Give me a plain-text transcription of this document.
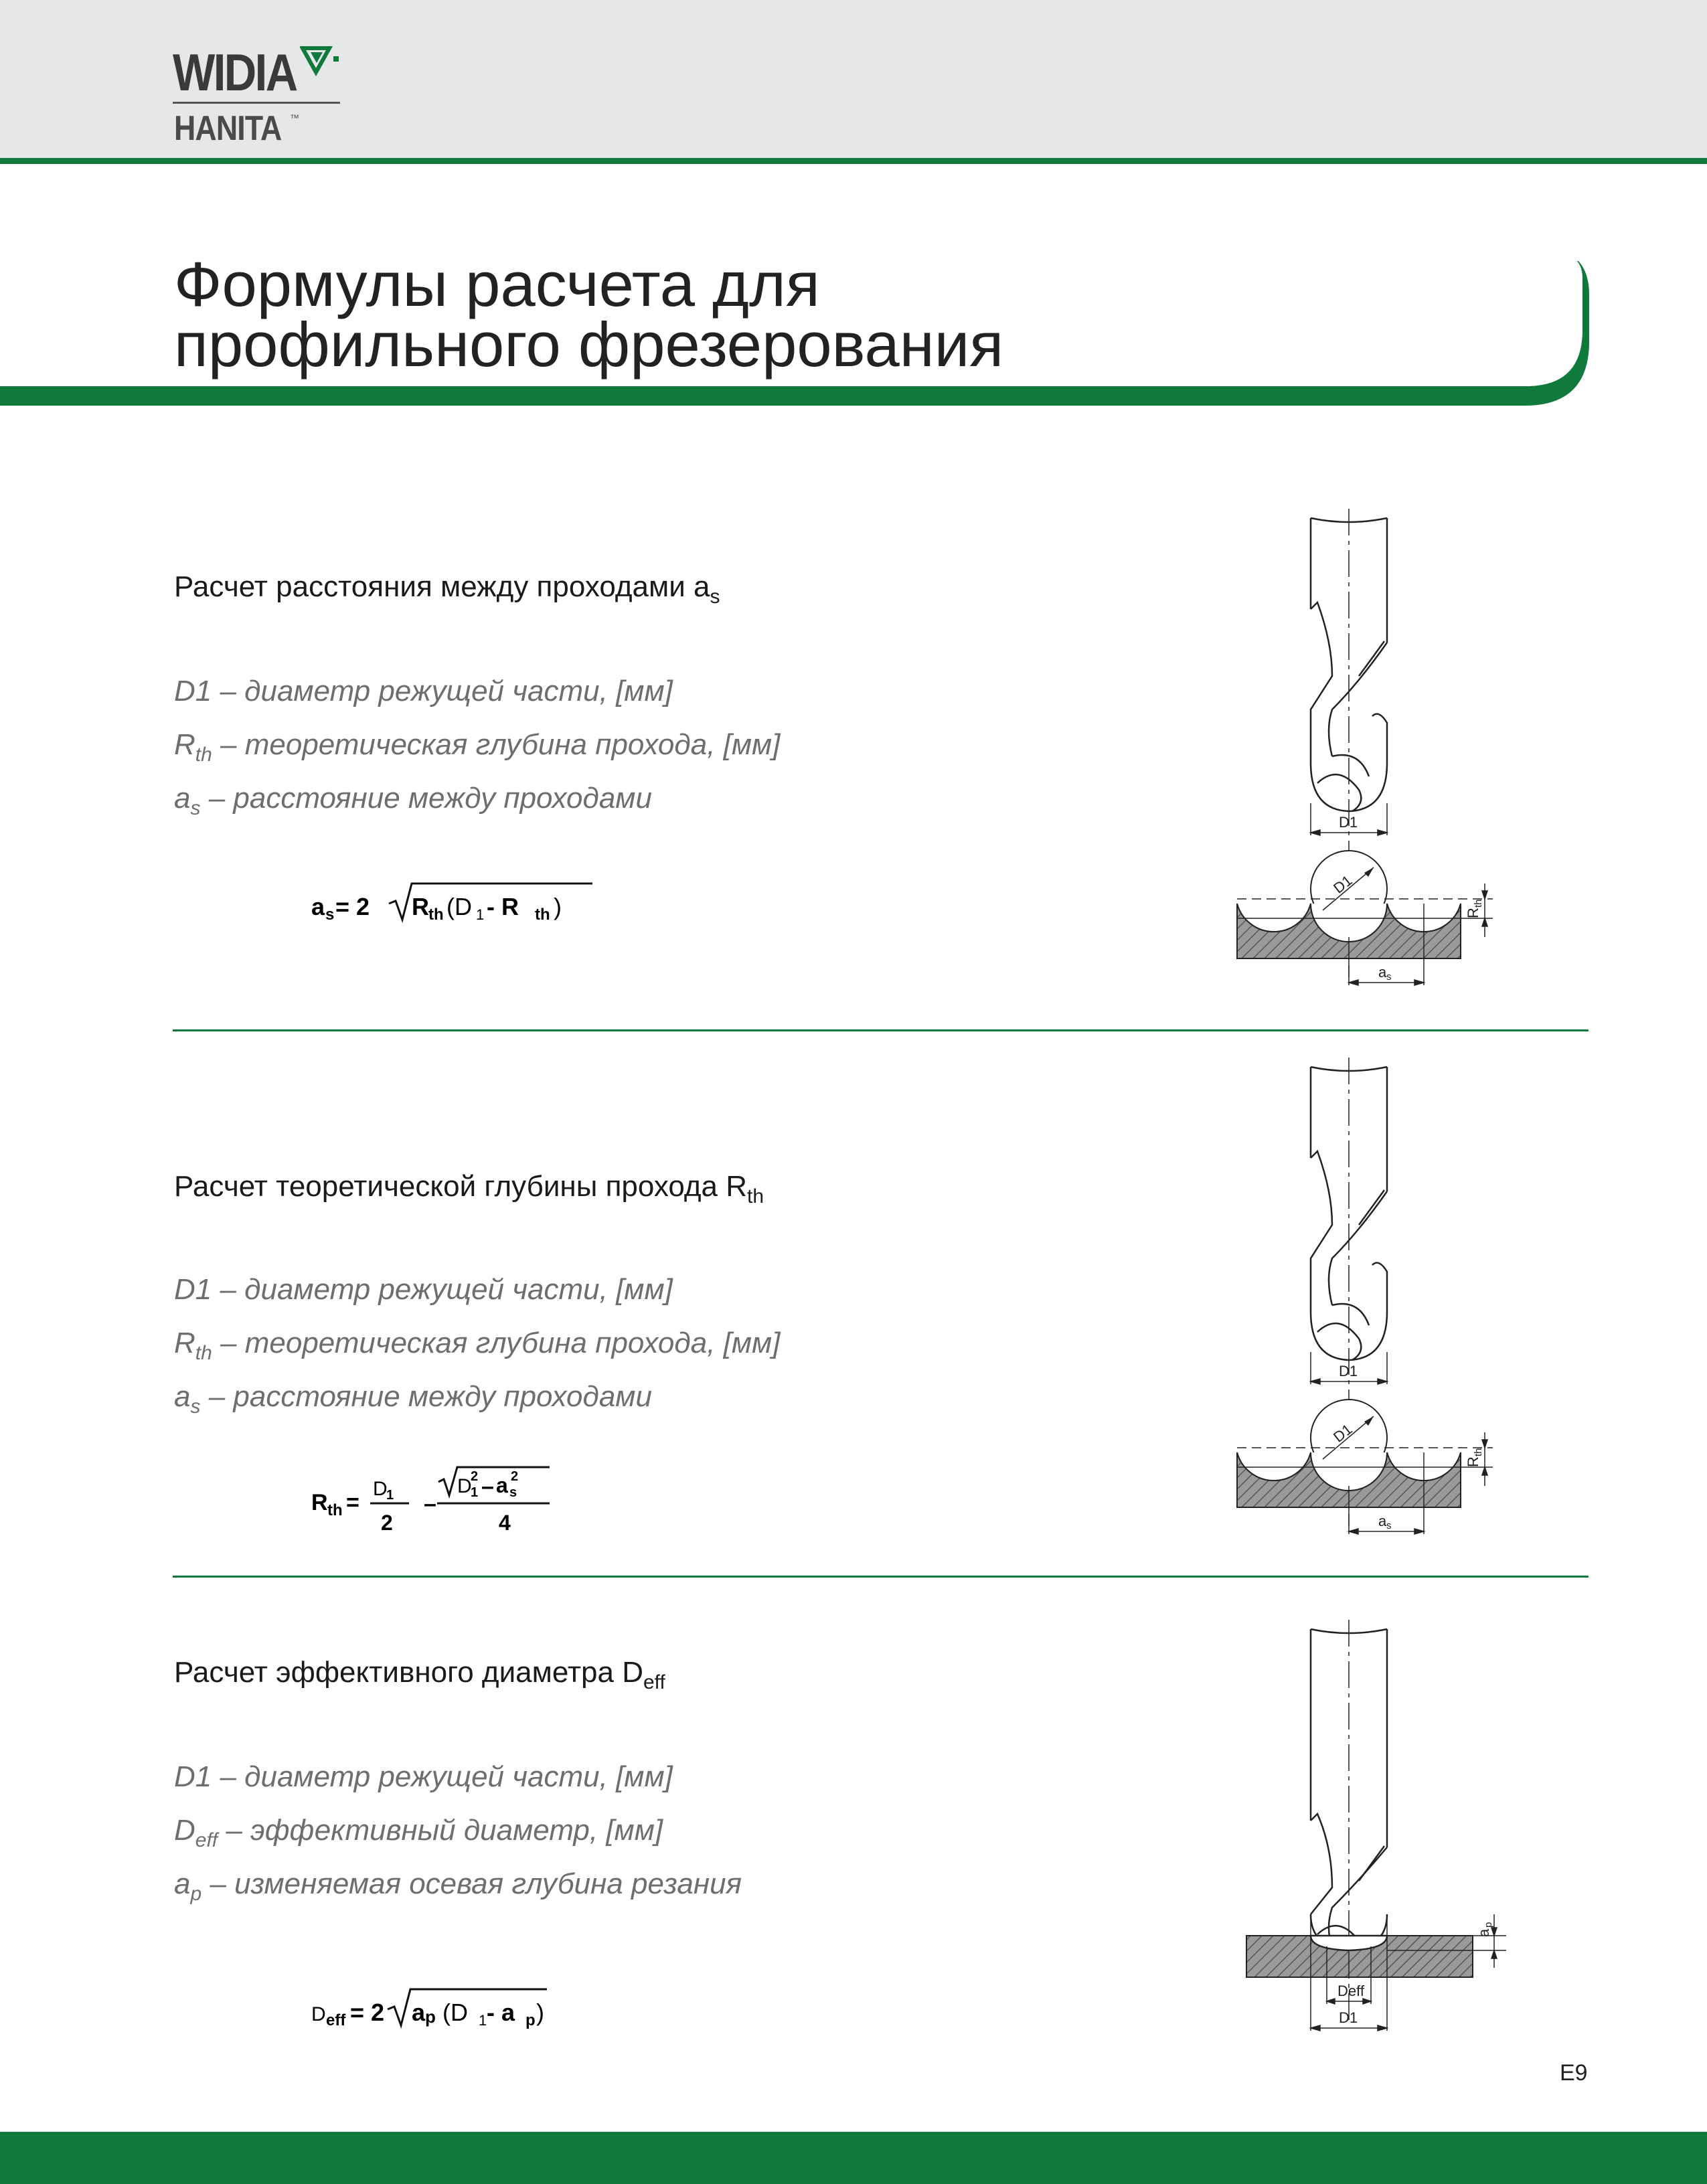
WIDIA
HANITA ™
Формулы расчета для
профильного фрезерования
Расчет расстояния между проходами $a_s$
D1 – диаметр режущей части, [мм]
$R_{th}$ – теоретическая глубина прохода, [мм]
$a_s$ – расстояние между проходами
a s = 2 R th (D 1 - R th )
D1
D1
R
th
a s
Расчет теоретической глубины прохода $R_{th}$
D1 – диаметр режущей части, [мм]
$R_{th}$ – теоретическая глубина прохода, [мм]
$a_s$ – расстояние между проходами
R th =
D
1
2
–
D
1
2 – a s
2
4
D1
D1
R
th
a s
Расчет эффективного диаметра $D_{eff}$
D1 – диаметр режущей части, [мм]
$D_{eff}$ – эффективный диаметр, [мм]
$a_p$ – изменяемая осевая глубина резания
D eff = 2 a p (D 1 - a p )
a
p
Deff
D1
E9
